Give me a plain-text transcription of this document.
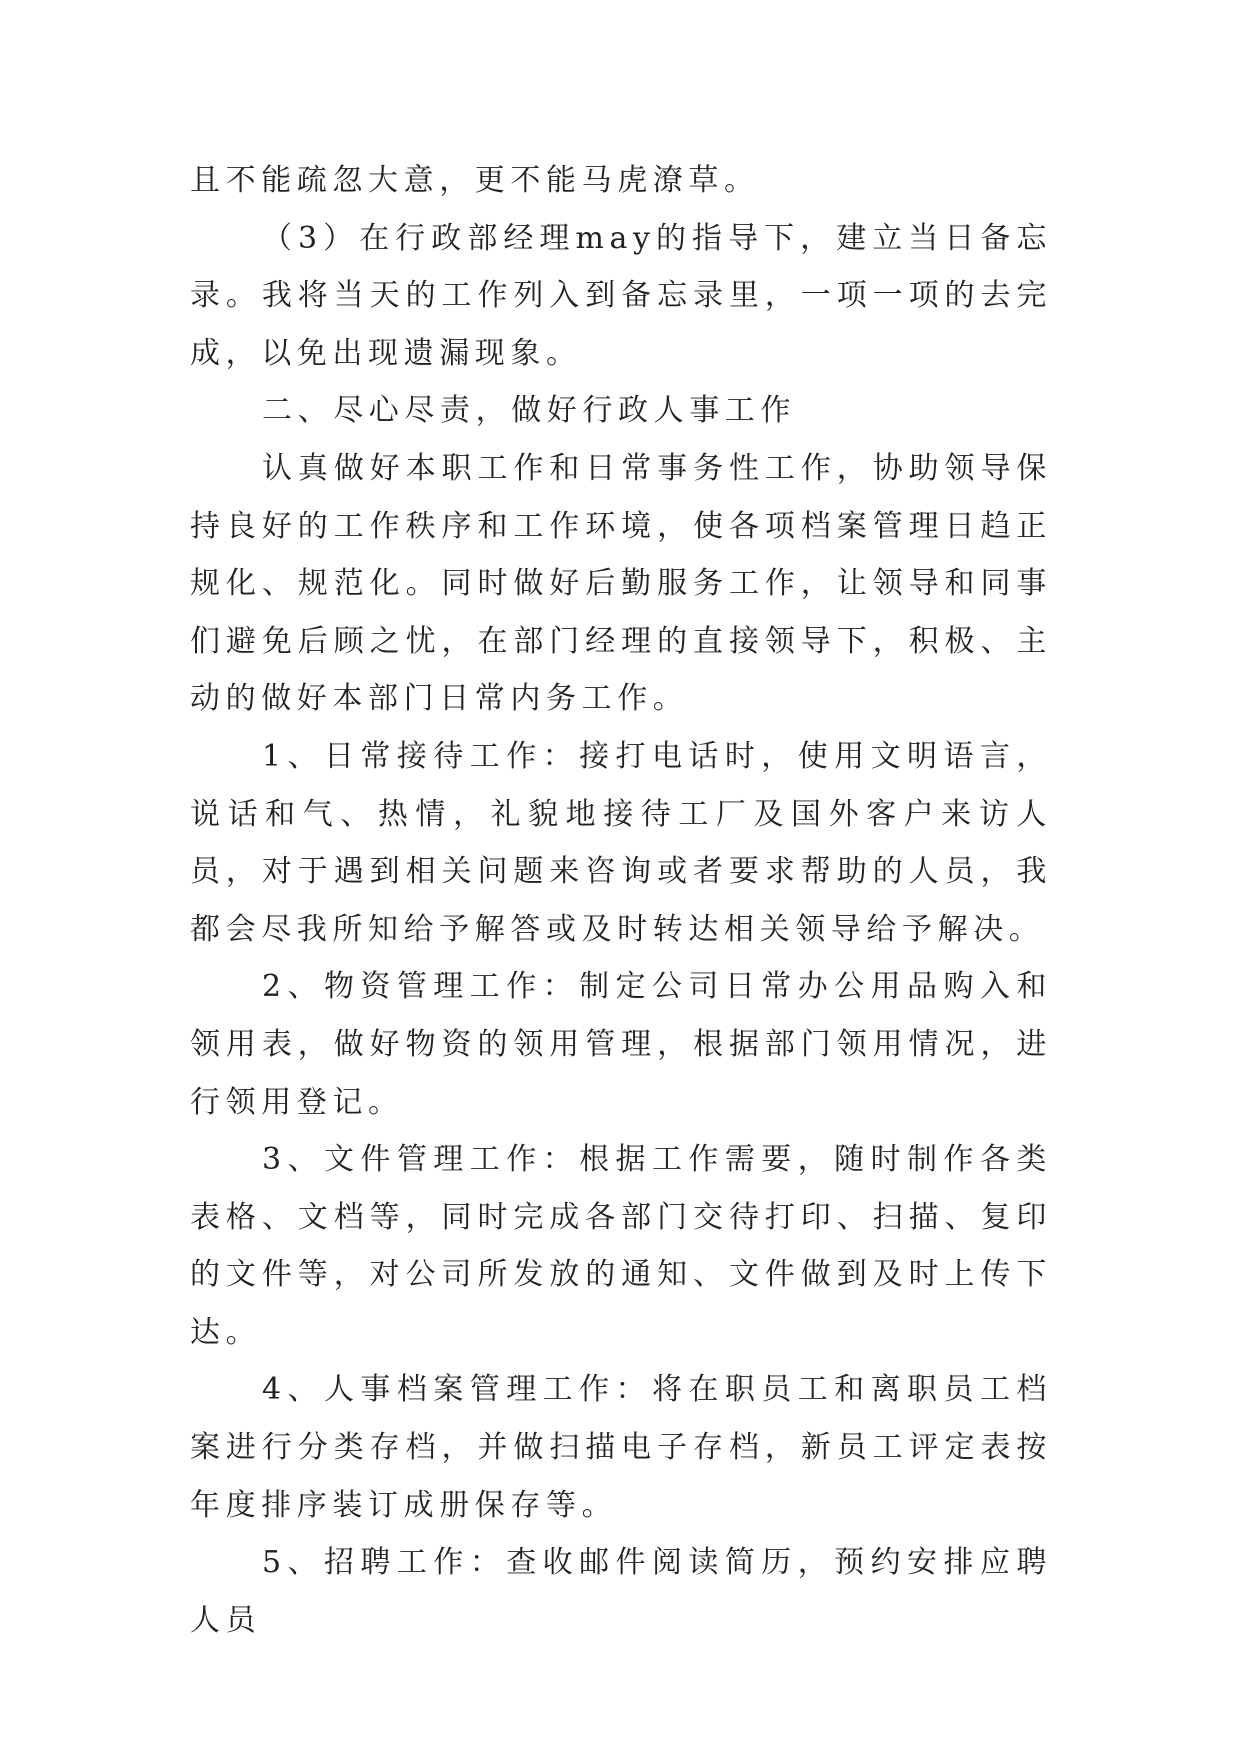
且不能疏忽大意，更不能马虎潦草。

（3）在行政部经理may的指导下，建立当日备忘录。我将当天的工作列入到备忘录里，一项一项的去完成，以免出现遗漏现象。

二、尽心尽责，做好行政人事工作

认真做好本职工作和日常事务性工作，协助领导保持良好的工作秩序和工作环境，使各项档案管理日趋正规化、规范化。同时做好后勤服务工作，让领导和同事们避免后顾之忧，在部门经理的直接领导下，积极、主动的做好本部门日常内务工作。

1、日常接待工作：接打电话时，使用文明语言，说话和气、热情，礼貌地接待工厂及国外客户来访人员，对于遇到相关问题来咨询或者要求帮助的人员，我都会尽我所知给予解答或及时转达相关领导给予解决。

2、物资管理工作：制定公司日常办公用品购入和领用表，做好物资的领用管理，根据部门领用情况，进行领用登记。

3、文件管理工作：根据工作需要，随时制作各类表格、文档等，同时完成各部门交待打印、扫描、复印的文件等，对公司所发放的通知、文件做到及时上传下达。

4、人事档案管理工作：将在职员工和离职员工档案进行分类存档，并做扫描电子存档，新员工评定表按年度排序装订成册保存等。

5、招聘工作：查收邮件阅读简历，预约安排应聘人员
